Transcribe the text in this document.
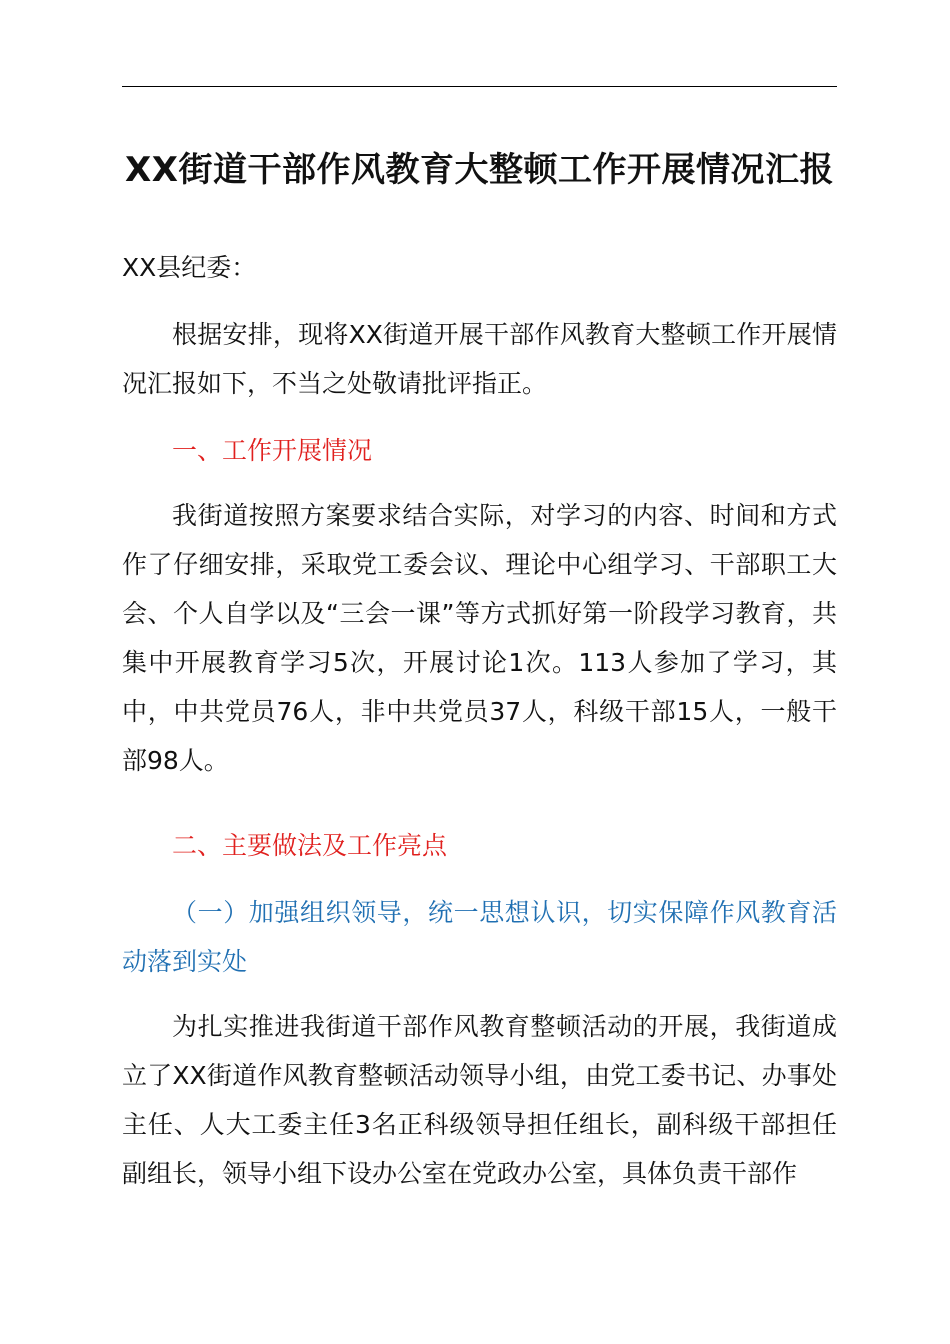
XX街道干部作风教育大整顿工作开展情况汇报
XX县纪委：

根据安排，现将XX街道开展干部作风教育大整顿工作开展情况汇报如下，不当之处敬请批评指正。

一、工作开展情况

我街道按照方案要求结合实际，对学习的内容、时间和方式作了仔细安排，采取党工委会议、理论中心组学习、干部职工大会、个人自学以及“三会一课”等方式抓好第一阶段学习教育，共集中开展教育学习5次，开展讨论1次。113人参加了学习，其中，中共党员76人，非中共党员37人，科级干部15人，一般干部98人。

二、主要做法及工作亮点
（一）加强组织领导，统一思想认识，切实保障作风教育活动落到实处

为扎实推进我街道干部作风教育整顿活动的开展，我街道成立了XX街道作风教育整顿活动领导小组，由党工委书记、办事处主任、人大工委主任3名正科级领导担任组长，副科级干部担任副组长，领导小组下设办公室在党政办公室，具体负责干部作
